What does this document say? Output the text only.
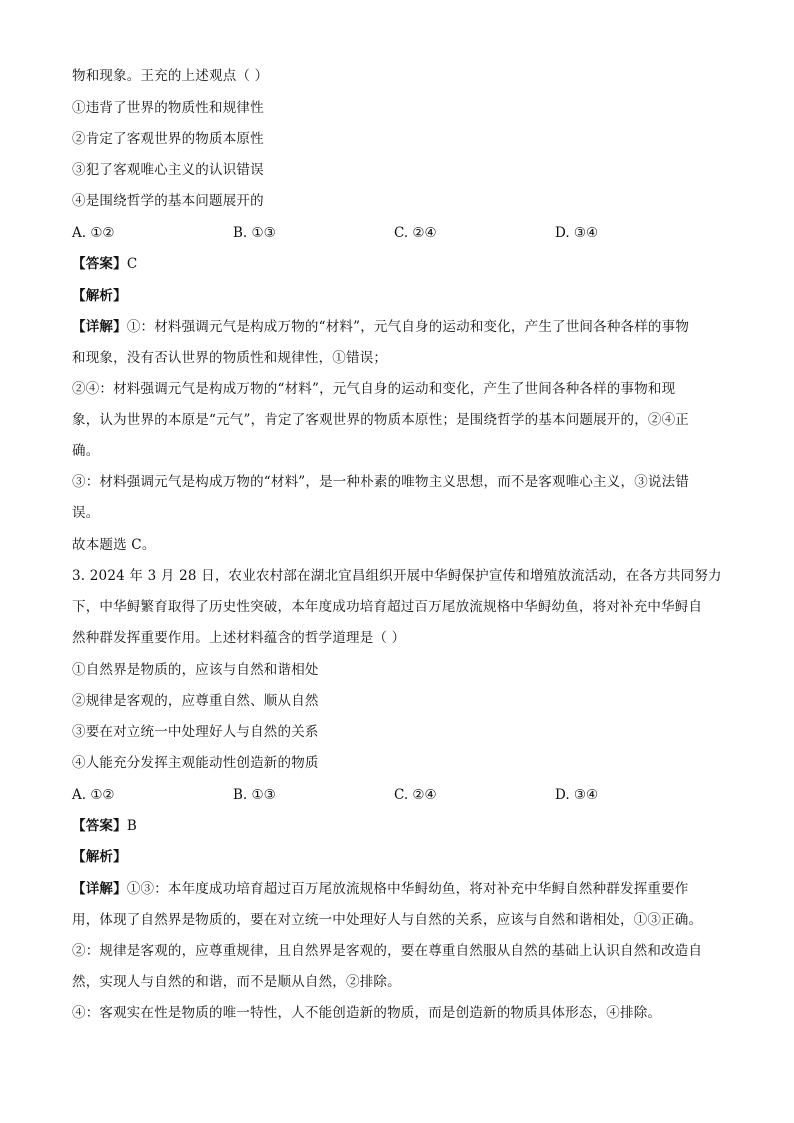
物和现象。王充的上述观点（ ）
①违背了世界的物质性和规律性
②肯定了客观世界的物质本原性
③犯了客观唯心主义的认识错误
④是围绕哲学的基本问题展开的
A. ①②	B. ①③	C. ②④	D. ③④
【答案】C
【解析】
【详解】①：材料强调元气是构成万物的“材料”，元气自身的运动和变化，产生了世间各种各样的事物
和现象，没有否认世界的物质性和规律性，①错误；
②④：材料强调元气是构成万物的“材料”，元气自身的运动和变化，产生了世间各种各样的事物和现
象，认为世界的本原是“元气”，肯定了客观世界的物质本原性；是围绕哲学的基本问题展开的，②④正
确。
③：材料强调元气是构成万物的“材料”，是一种朴素的唯物主义思想，而不是客观唯心主义，③说法错
误。
故本题选 C。
3. 2024 年 3 月 28 日，农业农村部在湖北宜昌组织开展中华鲟保护宣传和增殖放流活动，在各方共同努力
下，中华鲟繁育取得了历史性突破，本年度成功培育超过百万尾放流规格中华鲟幼鱼，将对补充中华鲟自
然种群发挥重要作用。上述材料蕴含的哲学道理是（ ）
①自然界是物质的，应该与自然和谐相处
②规律是客观的，应尊重自然、顺从自然
③要在对立统一中处理好人与自然的关系
④人能充分发挥主观能动性创造新的物质
A. ①②	B. ①③	C. ②④	D. ③④
【答案】B
【解析】
【详解】①③：本年度成功培育超过百万尾放流规格中华鲟幼鱼，将对补充中华鲟自然种群发挥重要作
用，体现了自然界是物质的，要在对立统一中处理好人与自然的关系，应该与自然和谐相处，①③正确。
②：规律是客观的，应尊重规律，且自然界是客观的，要在尊重自然服从自然的基础上认识自然和改造自
然，实现人与自然的和谐，而不是顺从自然，②排除。
④：客观实在性是物质的唯一特性，人不能创造新的物质，而是创造新的物质具体形态，④排除。
